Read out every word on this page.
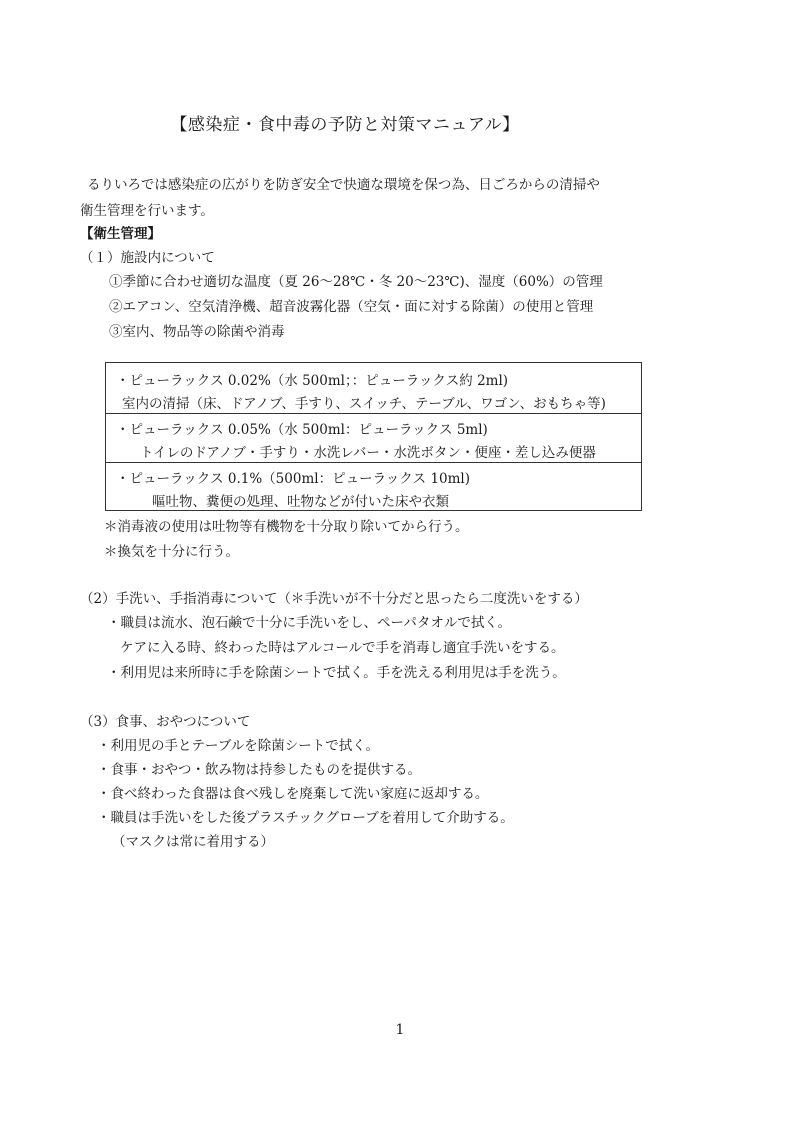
【感染症・食中毒の予防と対策マニュアル】
るりいろでは感染症の広がりを防ぎ安全で快適な環境を保つ為、日ごろからの清掃や
衛生管理を行います。
【衛生管理】
（１）施設内について
①季節に合わせ適切な温度（夏 26～28℃・冬 20～23℃)、湿度（60%）の管理
②エアコン、空気清浄機、超音波霧化器（空気・面に対する除菌）の使用と管理
③室内、物品等の除菌や消毒
・ピューラックス 0.02%（水 500ml；：ピューラックス約 2ml)
室内の清掃（床、ドアノブ、手すり、スイッチ、テーブル、ワゴン、おもちゃ等)
・ピューラックス 0.05%（水 500ml：ピューラックス 5ml)
トイレのドアノブ・手すり・水洗レバー・水洗ボタン・便座・差し込み便器
・ピューラックス 0.1%（500ml：ピューラックス 10ml)
嘔吐物、糞便の処理、吐物などが付いた床や衣類
＊消毒液の使用は吐物等有機物を十分取り除いてから行う。
＊換気を十分に行う。
（2）手洗い、手指消毒について（＊手洗いが不十分だと思ったら二度洗いをする）
・職員は流水、泡石鹸で十分に手洗いをし、ペーパタオルで拭く。
ケアに入る時、終わった時はアルコールで手を消毒し適宜手洗いをする。
・利用児は来所時に手を除菌シートで拭く。手を洗える利用児は手を洗う。
（3）食事、おやつについて
・利用児の手とテーブルを除菌シートで拭く。
・食事・おやつ・飲み物は持参したものを提供する。
・食べ終わった食器は食べ残しを廃棄して洗い家庭に返却する。
・職員は手洗いをした後プラスチックグローブを着用して介助する。
（マスクは常に着用する）
1
